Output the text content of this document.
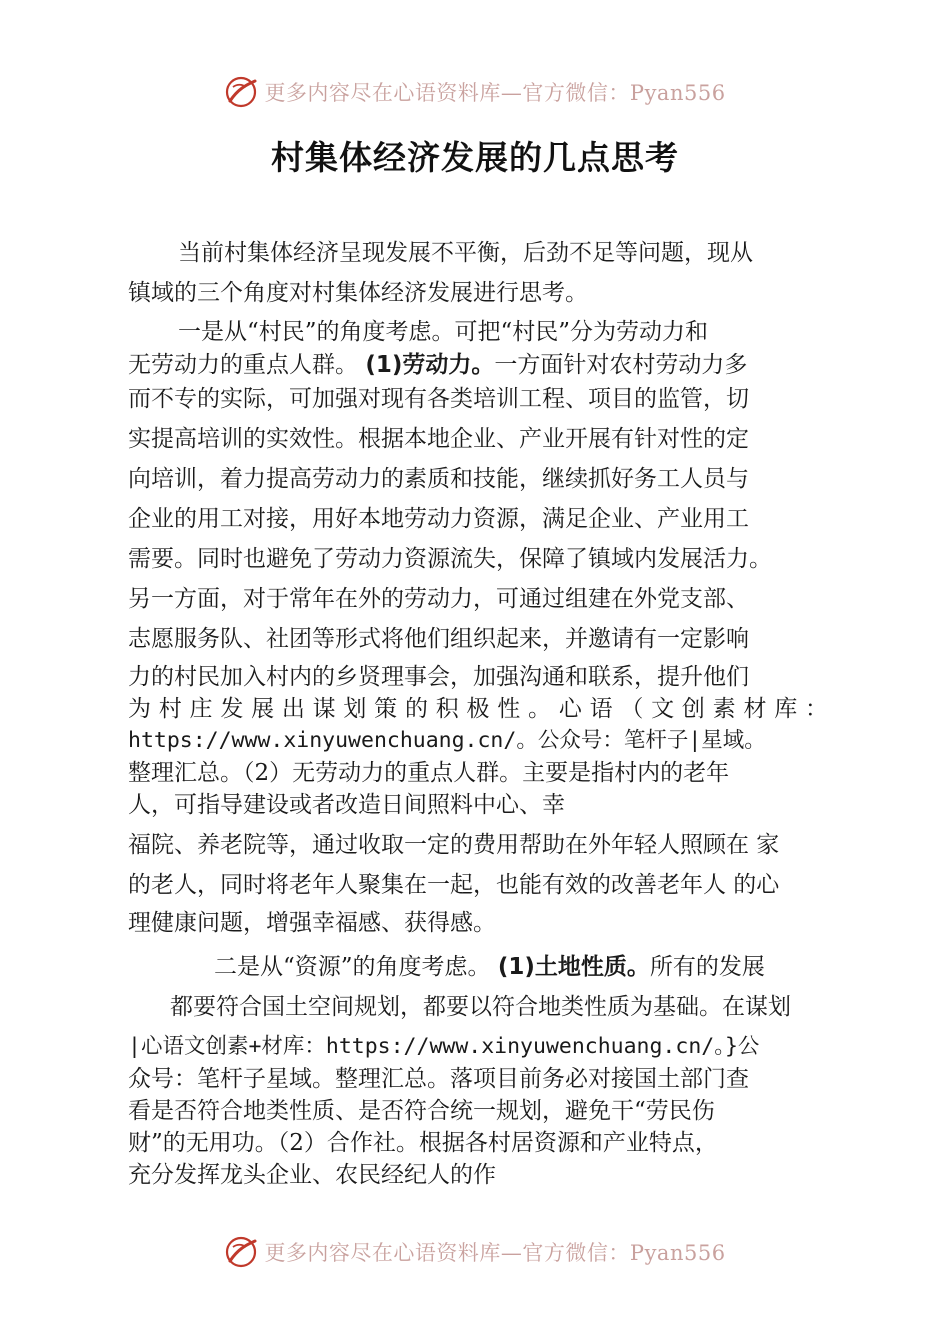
更多内容尽在心语资料库—官方微信：Pyan556
村集体经济发展的几点思考
当前村集体经济呈现发展不平衡，后劲不足等问题，现从
镇域的三个角度对村集体经济发展进行思考。
一是从“村民”的角度考虑。可把“村民”分为劳动力和
无劳动力的重点人群。 (1)劳动力。一方面针对农村劳动力多
而不专的实际，可加强对现有各类培训工程、项目的监管，切
实提高培训的实效性。根据本地企业、产业开展有针对性的定
向培训，着力提高劳动力的素质和技能，继续抓好务工人员与
企业的用工对接，用好本地劳动力资源，满足企业、产业用工
需要。同时也避免了劳动力资源流失，保障了镇域内发展活力。
另一方面，对于常年在外的劳动力，可通过组建在外党支部、
志愿服务队、社团等形式将他们组织起来，并邀请有一定影响
力的村民加入村内的乡贤理事会，加强沟通和联系，提升他们
为村庄发展出谋划策的积极性。心语（文创素材库：
https://www.xinyuwenchuang.cn/。公众号：笔杆子|星域。
整理汇总。（2）无劳动力的重点人群。主要是指村内的老年
人，可指导建设或者改造日间照料中心、幸
福院、养老院等，通过收取一定的费用帮助在外年轻人照顾在 家
的老人，同时将老年人聚集在一起，也能有效的改善老年人 的心
理健康问题，增强幸福感、获得感。
二是从“资源”的角度考虑。 (1)土地性质。所有的发展
都要符合国土空间规划，都要以符合地类性质为基础。在谋划
|心语文创素+材库：https://www.xinyuwenchuang.cn/。}公
众号：笔杆子星域。整理汇总。落项目前务必对接国土部门查
看是否符合地类性质、是否符合统一规划，避免干“劳民伤
财”的无用功。（2）合作社。根据各村居资源和产业特点，
充分发挥龙头企业、农民经纪人的作
更多内容尽在心语资料库—官方微信：Pyan556
